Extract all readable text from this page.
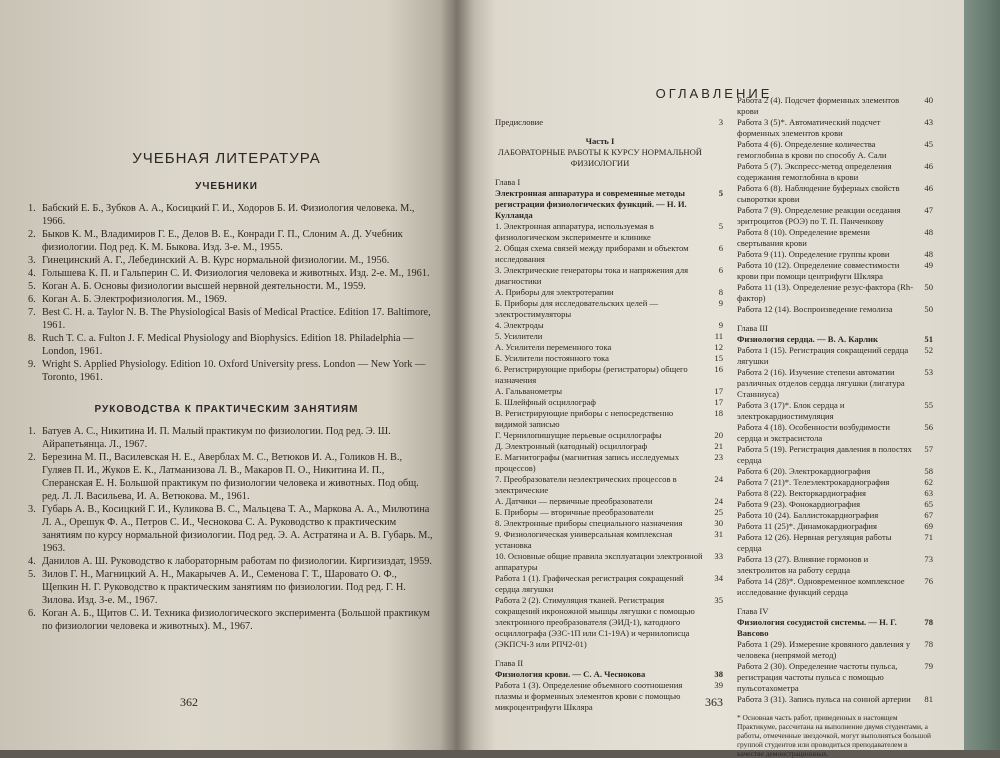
УЧЕБНАЯ ЛИТЕРАТУРА
УЧЕБНИКИ
1. Бабский Е. Б., Зубков А. А., Косицкий Г. И., Ходоров Б. И. Физиология человека. М., 1966.
2. Быков К. М., Владимиров Г. Е., Делов В. Е., Конради Г. П., Слоним А. Д. Учебник физиологии. Под ред. К. М. Быкова. Изд. 3-е. М., 1955.
3. Гинецинский А. Г., Лебединский А. В. Курс нормальной физиологии. М., 1956.
4. Голышева К. П. и Гальперин С. И. Физиология человека и животных. Изд. 2-е. М., 1961.
5. Коган А. Б. Основы физиологии высшей нервной деятельности. М., 1959.
6. Коган А. Б. Электрофизиология. М., 1969.
7. Best C. H. a. Taylor N. B. The Physiological Basis of Medical Practice. Edition 17. Baltimore, 1961.
8. Ruch T. C. a. Fulton J. F. Medical Physiology and Biophysics. Edition 18. Philadelphia — London, 1961.
9. Wright S. Applied Physiology. Edition 10. Oxford University press. London — New York — Toronto, 1961.
РУКОВОДСТВА К ПРАКТИЧЕСКИМ ЗАНЯТИЯМ
1. Батуев А. С., Никитина И. П. Малый практикум по физиологии. Под ред. Э. Ш. Айрапетьянца. Л., 1967.
2. Березина М. П., Василевская Н. Е., Аверблах М. С., Ветюков И. А., Голиков Н. В., Гуляев П. И., Жуков Е. К., Латманизова Л. В., Макаров П. О., Никитина И. П., Сперанская Е. Н. Большой практикум по физиологии человека и животных. Под общ. ред. Л. Л. Васильева, И. А. Ветюкова. М., 1961.
3. Губарь А. В., Косицкий Г. И., Куликова В. С., Мальцева Т. А., Маркова А. А., Милютина Л. А., Орешук Ф. А., Петров С. И., Чеснокова С. А. Руководство к практическим занятиям по курсу нормальной физиологии. Под ред. Э. А. Астратяна и А. В. Губарь. М., 1963.
4. Данилов А. Ш. Руководство к лабораторным работам по физиологии. Киргизиздат, 1959.
5. Зилов Г. Н., Магницкий А. Н., Макарычев А. И., Семенова Г. Т., Шаровато О. Ф., Щепкин Н. Г. Руководство к практическим занятиям по физиологии. Под ред. Г. Н. Зилова. Изд. 3-е. М., 1967.
6. Коган А. Б., Щитов С. И. Техника физиологического эксперимента (Большой практикум по физиологии человека и животных). М., 1967.
362
ОГЛАВЛЕНИЕ
Предисловие	3
Часть I
ЛАБОРАТОРНЫЕ РАБОТЫ К КУРСУ НОРМАЛЬНОЙ ФИЗИОЛОГИИ
Глава I
Электронная аппаратура и современные методы регистрации физиологических функций. — Н. И. Кулланда
5
1. Электронная аппаратура, используемая в физиологическом эксперименте и клинике
5
2. Общая схема связей между приборами и объектом исследования
6
3. Электрические генераторы тока и напряжения для диагностики
6
А. Приборы для электротерапии	8
Б. Приборы для исследовательских целей — электростимуляторы
9
4. Электроды	9
5. Усилители	11
А. Усилители переменного тока	12
Б. Усилители постоянного тока	15
6. Регистрирующие приборы (регистраторы) общего назначения
16
А. Гальванометры	17
Б. Шлейфный осциллограф	17
В. Регистрирующие приборы с непосредственно видимой записью
18
Г. Чернилопишущие перьевые осциллографы	20
Д. Электронный (катодный) осциллограф	21
Е. Магнитографы (магнитная запись исследуемых процессов)
23
7. Преобразователи неэлектрических процессов в электрические
24
А. Датчики — первичные преобразователи	24
Б. Приборы — вторичные преобразователи	25
8. Электронные приборы специального назначения	30
9. Физиологическая универсальная комплексная установка
31
10. Основные общие правила эксплуатации электронной аппаратуры
33
Работа 1 (1). Графическая регистрация сокращений сердца лягушки
34
Работа 2 (2). Стимуляция тканей. Регистрация сокращений икроножной мышцы лягушки с помощью электронного преобразователя (ЭИД-1), катодного осциллографа (ЭЗС-1П или С1-19А) и чернилописца (ЭКПСЧ-3 или РПЧ2-01)
35
Глава II
Физиология крови. — С. А. Чеснокова	38
Работа 1 (3). Определение объемного соотношения плазмы и форменных элементов крови с помощью микроцентрифуги Шкляра
39
Работа 2 (4). Подсчет форменных элементов крови
40
Работа 3 (5)*. Автоматический подсчет форменных элементов крови
43
Работа 4 (6). Определение количества гемоглобина в крови по способу А. Сали
45
Работа 5 (7). Экспресс-метод определения содержания гемоглобина в крови
46
Работа 6 (8). Наблюдение буферных свойств сыворотки крови
46
Работа 7 (9). Определение реакции оседания эритроцитов (РОЭ) по Т. П. Панченкову
47
Работа 8 (10). Определение времени свертывания крови
48
Работа 9 (11). Определение группы крови	48
Работа 10 (12). Определение совместимости крови при помощи центрифуги Шкляра
49
Работа 11 (13). Определение резус-фактора (Rh-фактор)
50
Работа 12 (14). Воспроизведение гемолиза	50
Глава III
Физиология сердца. — В. А. Карлик	51
Работа 1 (15). Регистрация сокращений сердца лягушки
52
Работа 2 (16). Изучение степени автоматии различных отделов сердца лягушки (лигатура Станниуса)
53
Работа 3 (17)*. Блок сердца и электрокардиостимуляция
55
Работа 4 (18). Особенности возбудимости сердца и экстрасистола
56
Работа 5 (19). Регистрация давления в полостях сердца
57
Работа 6 (20). Электрокардиография	58
Работа 7 (21)*. Телеэлектрокардиография	62
Работа 8 (22). Векторкардиография	63
Работа 9 (23). Фонокардиография	65
Работа 10 (24). Баллистокардиография	67
Работа 11 (25)*. Динамокардиография	69
Работа 12 (26). Нервная регуляция работы сердца
71
Работа 13 (27). Влияние гормонов и электролитов на работу сердца
73
Работа 14 (28)*. Одновременное комплексное исследование функций сердца
76
Глава IV
Физиология сосудистой системы. — Н. Г. Вавсово
78
Работа 1 (29). Измерение кровяного давления у человека (непрямой метод)
78
Работа 2 (30). Определение частоты пульса, регистрация частоты пульса с помощью пульсотахометра
79
Работа 3 (31). Запись пульса на сонной артерии	81
* Основная часть работ, приведенных в настоящем Практикуме, рассчитана на выполнение двумя студентами, а работы, отмеченные звездочкой, могут выполняться большой группой студентов или проводиться преподавателем в качестве демонстрационных.
363
